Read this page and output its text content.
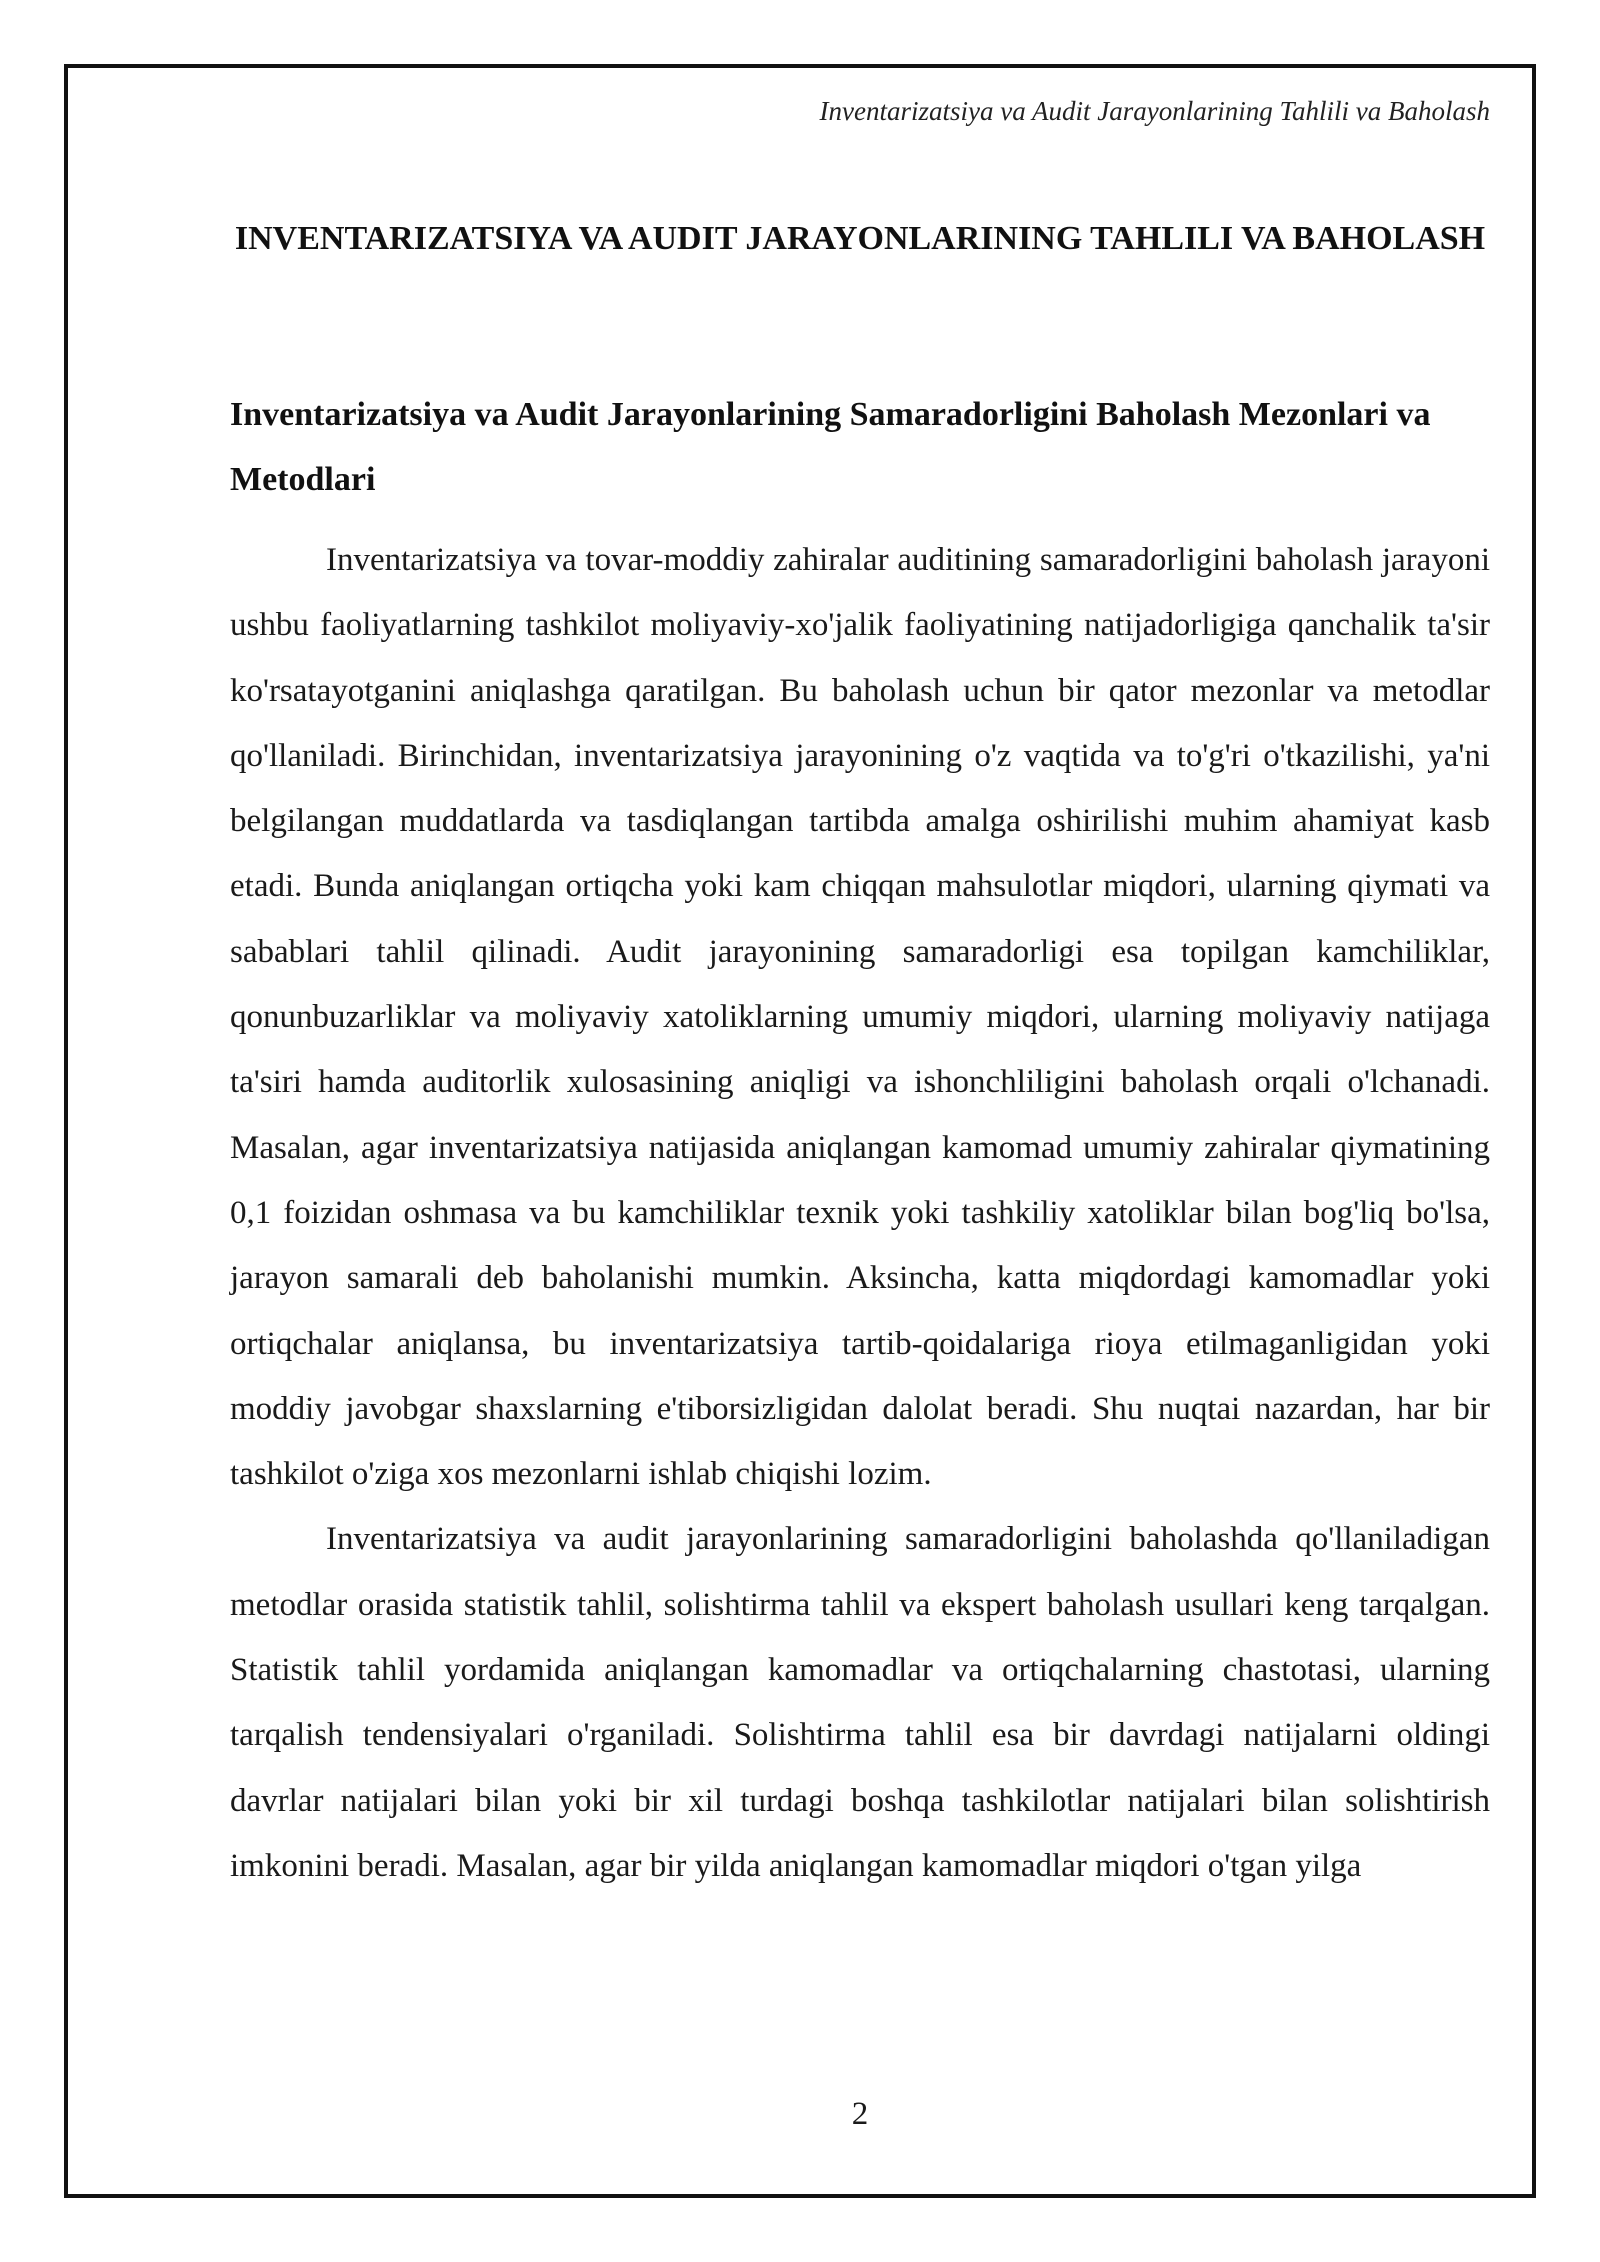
Inventarizatsiya va Audit Jarayonlarining Tahlili va Baholash
INVENTARIZATSIYA VA AUDIT JARAYONLARINING TAHLILI VA BAHOLASH
Inventarizatsiya va Audit Jarayonlarining Samaradorligini Baholash Mezonlari va Metodlari

Inventarizatsiya va tovar-moddiy zahiralar auditining samaradorligini baholash jarayoni ushbu faoliyatlarning tashkilot moliyaviy-xo'jalik faoliyatining natijadorligiga qanchalik ta'sir ko'rsatayotganini aniqlashga qaratilgan. Bu baholash uchun bir qator mezonlar va metodlar qo'llaniladi. Birinchidan, inventarizatsiya jarayonining o'z vaqtida va to'g'ri o'tkazilishi, ya'ni belgilangan muddatlarda va tasdiqlangan tartibda amalga oshirilishi muhim ahamiyat kasb etadi. Bunda aniqlangan ortiqcha yoki kam chiqqan mahsulotlar miqdori, ularning qiymati va sabablari tahlil qilinadi. Audit jarayonining samaradorligi esa topilgan kamchiliklar, qonunbuzarliklar va moliyaviy xatoliklarning umumiy miqdori, ularning moliyaviy natijaga ta'siri hamda auditorlik xulosasining aniqligi va ishonchliligini baholash orqali o'lchanadi. Masalan, agar inventarizatsiya natijasida aniqlangan kamomad umumiy zahiralar qiymatining 0,1 foizidan oshmasa va bu kamchiliklar texnik yoki tashkiliy xatoliklar bilan bog'liq bo'lsa, jarayon samarali deb baholanishi mumkin. Aksincha, katta miqdordagi kamomadlar yoki ortiqchalar aniqlansa, bu inventarizatsiya tartib-qoidalariga rioya etilmaganligidan yoki moddiy javobgar shaxslarning e'tiborsizligidan dalolat beradi. Shu nuqtai nazardan, har bir tashkilot o'ziga xos mezonlarni ishlab chiqishi lozim.

Inventarizatsiya va audit jarayonlarining samaradorligini baholashda qo'llaniladigan metodlar orasida statistik tahlil, solishtirma tahlil va ekspert baholash usullari keng tarqalgan. Statistik tahlil yordamida aniqlangan kamomadlar va ortiqchalarning chastotasi, ularning tarqalish tendensiyalari o'rganiladi. Solishtirma tahlil esa bir davrdagi natijalarni oldingi davrlar natijalari bilan yoki bir xil turdagi boshqa tashkilotlar natijalari bilan solishtirish imkonini beradi. Masalan, agar bir yilda aniqlangan kamomadlar miqdori o'tgan yilga

2
